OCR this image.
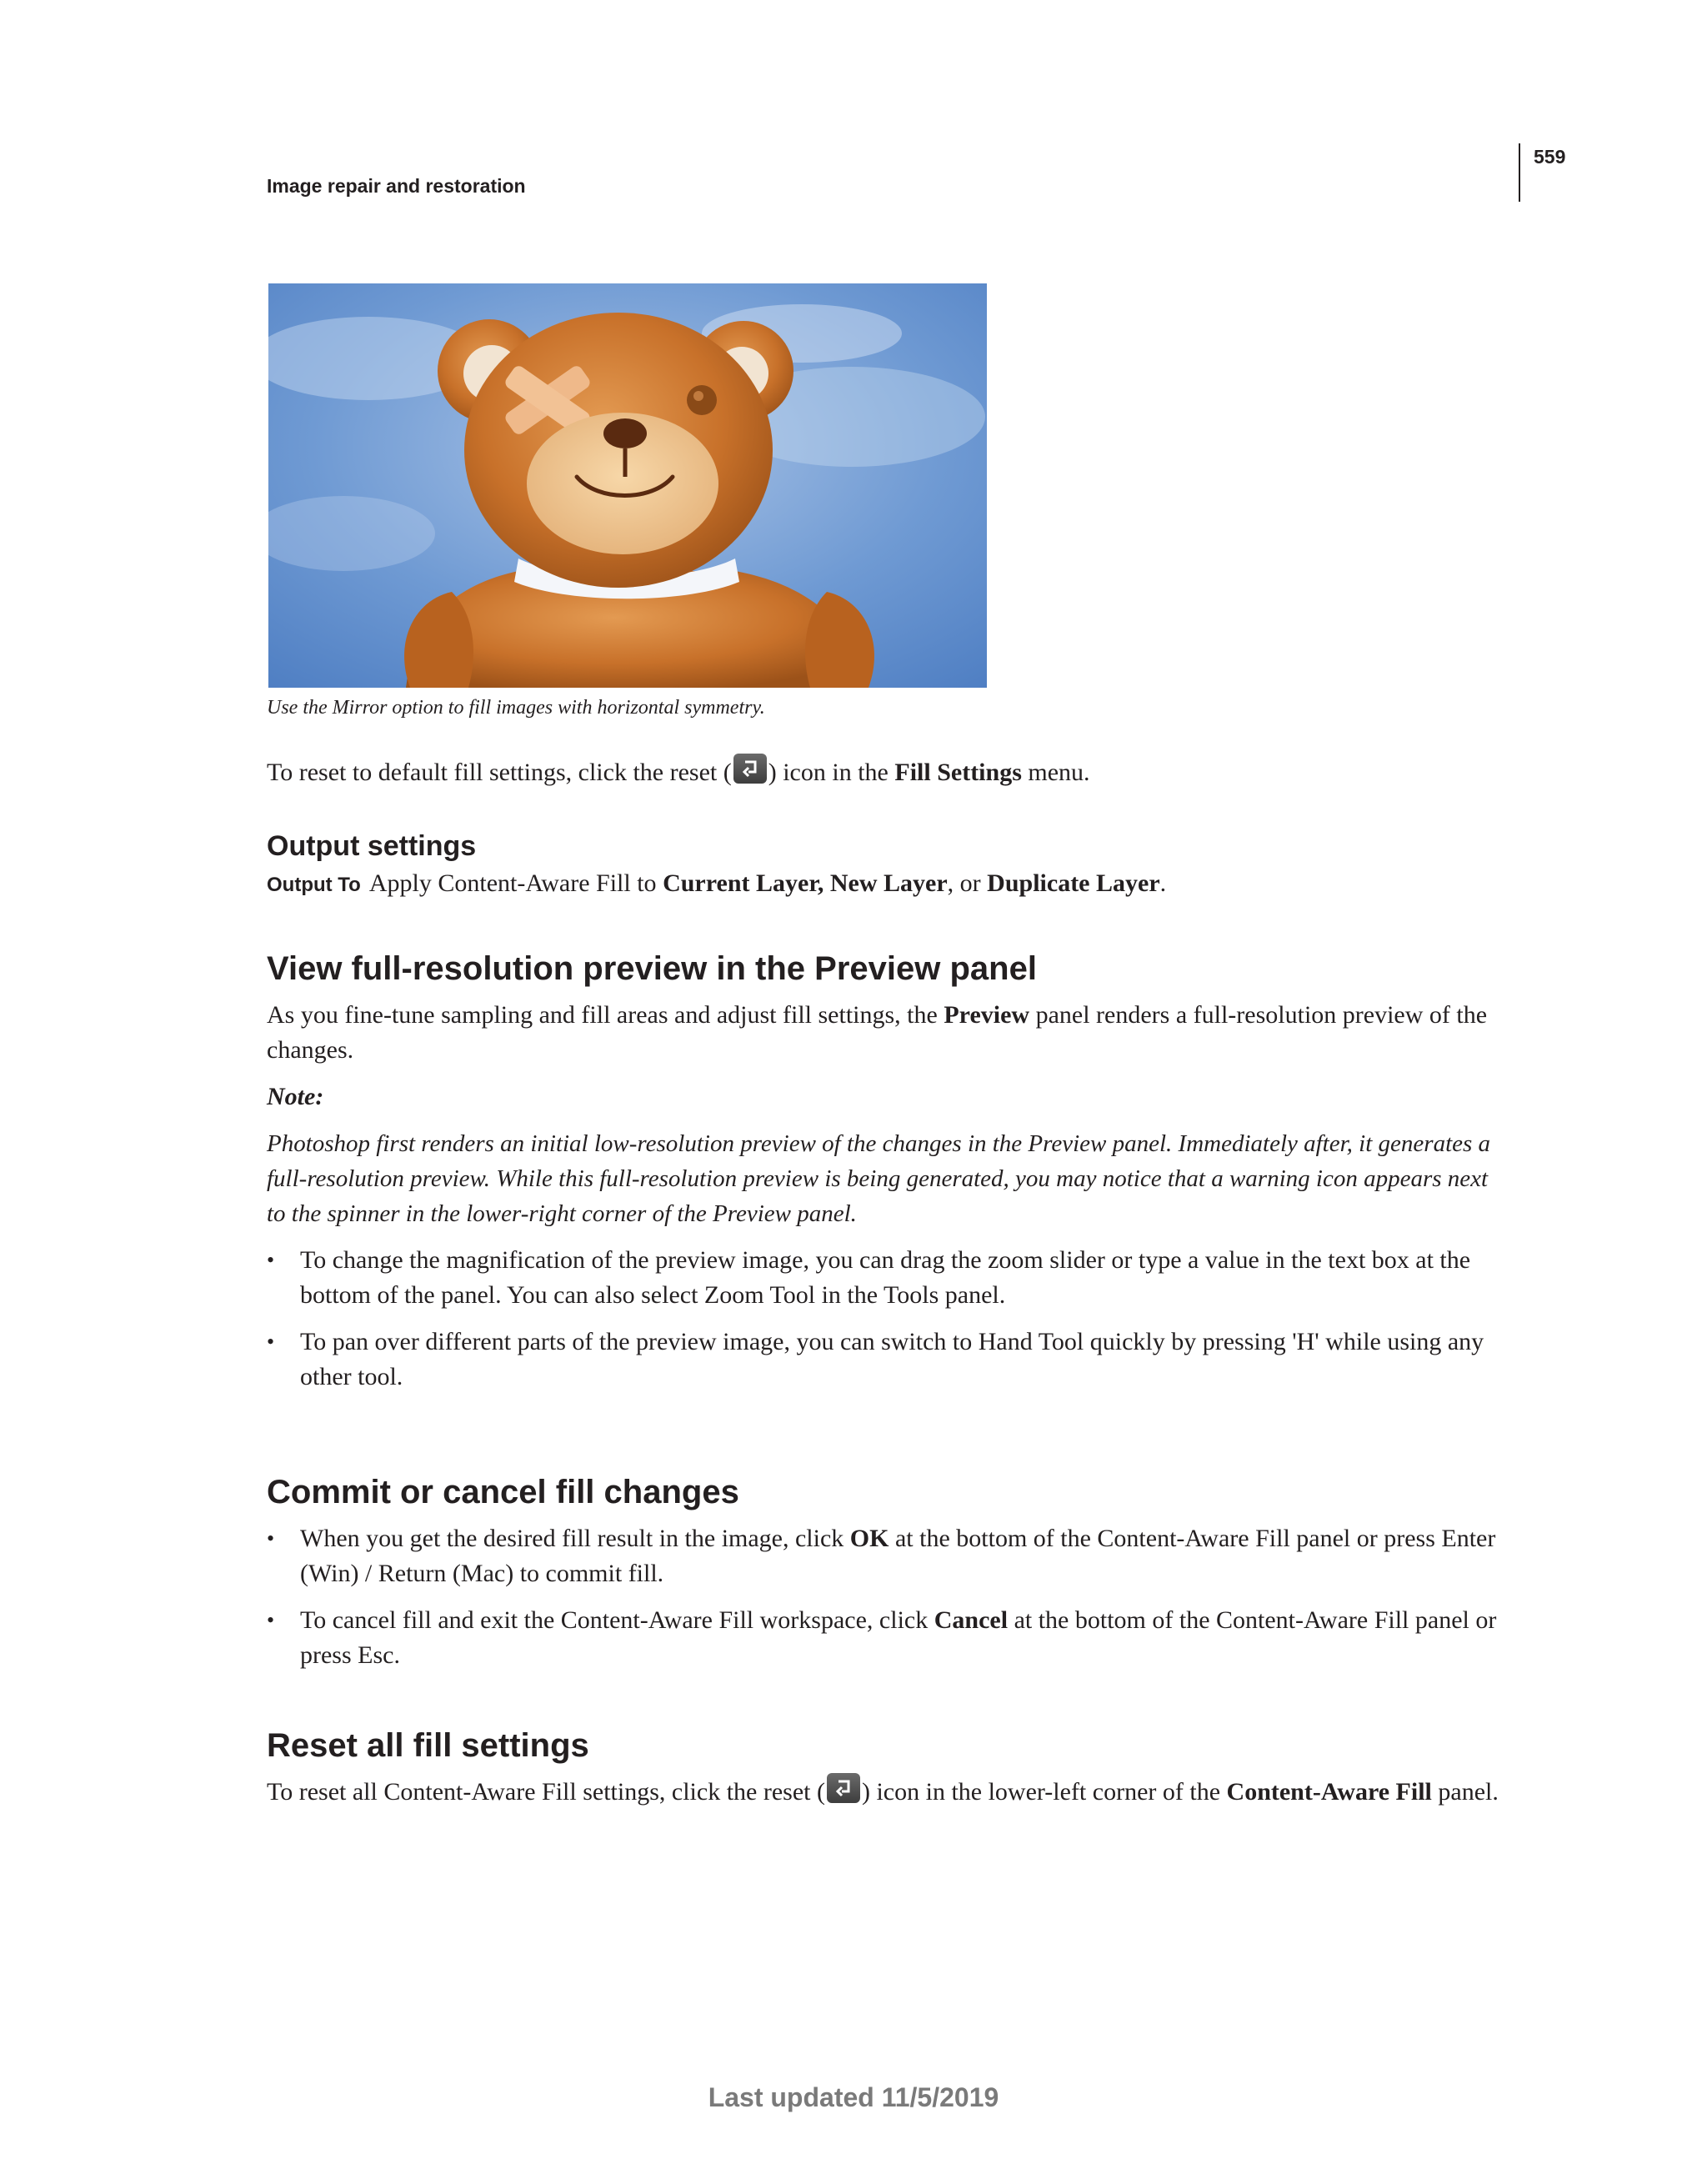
Image repair and restoration
559
Use the Mirror option to fill images with horizontal symmetry.

To reset to default fill settings, click the reset ( ) icon in the Fill Settings menu.

Output settings
Output To Apply Content-Aware Fill to Current Layer, New Layer, or Duplicate Layer.
View full-resolution preview in the Preview panel

As you fine-tune sampling and fill areas and adjust fill settings, the Preview panel renders a full-resolution preview of the changes.

Note:

Photoshop first renders an initial low-resolution preview of the changes in the Preview panel. Immediately after, it generates a full-resolution preview. While this full-resolution preview is being generated, you may notice that a warning icon appears next to the spinner in the lower-right corner of the Preview panel.

• To change the magnification of the preview image, you can drag the zoom slider or type a value in the text box at the bottom of the panel. You can also select Zoom Tool in the Tools panel.
• To pan over different parts of the preview image, you can switch to Hand Tool quickly by pressing 'H' while using any other tool.
Commit or cancel fill changes
• When you get the desired fill result in the image, click OK at the bottom of the Content-Aware Fill panel or press Enter (Win) / Return (Mac) to commit fill.
• To cancel fill and exit the Content-Aware Fill workspace, click Cancel at the bottom of the Content-Aware Fill panel or press Esc.
Reset all fill settings

To reset all Content-Aware Fill settings, click the reset ( ) icon in the lower-left corner of the Content-Aware Fill panel.

Last updated 11/5/2019
